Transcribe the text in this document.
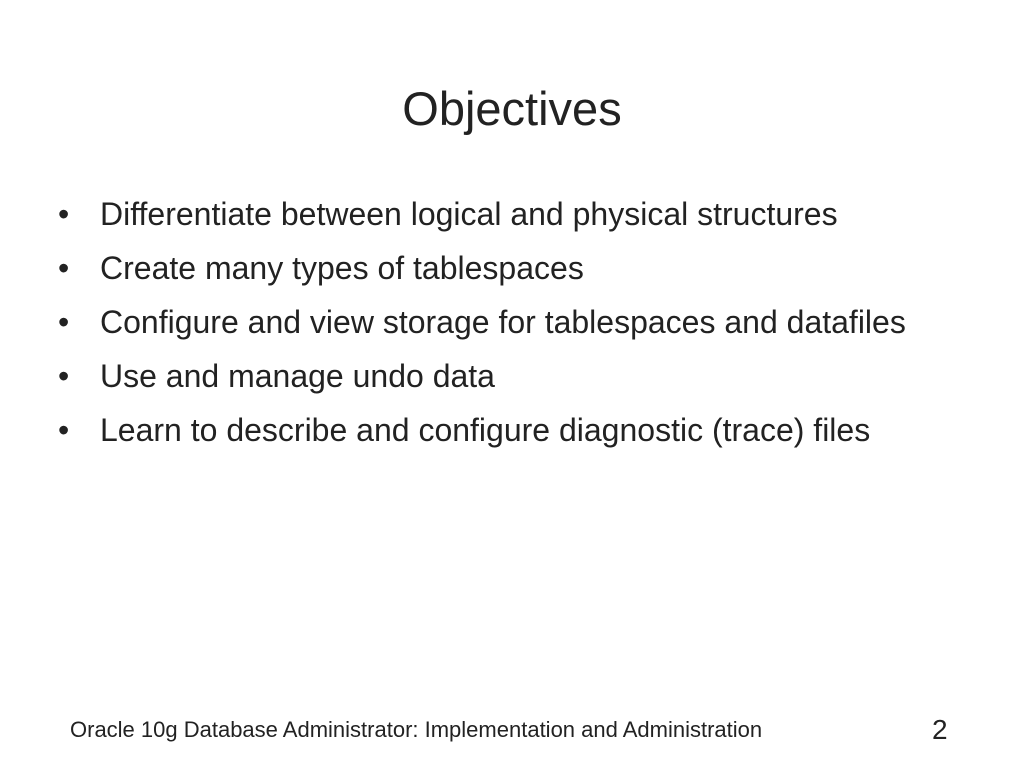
Objectives
• Differentiate between logical and physical structures
• Create many types of tablespaces
• Configure and view storage for tablespaces and datafiles
• Use and manage undo data
• Learn to describe and configure diagnostic (trace) files
Oracle 10g Database Administrator: Implementation and Administration	2
